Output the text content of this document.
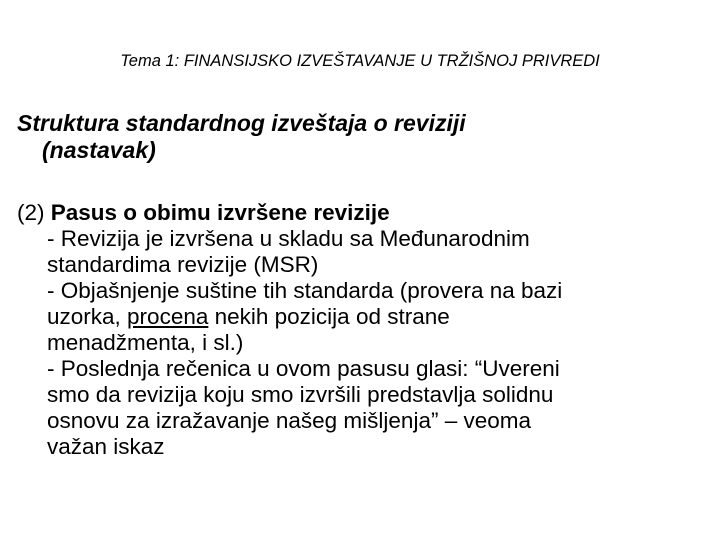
Tema 1: FINANSIJSKO IZVEŠTAVANJE U TRŽIŠNOJ PRIVREDI
Struktura standardnog izveštaja o reviziji
(nastavak)
(2) Pasus o obimu izvršene revizije
- Revizija je izvršena u skladu sa Međunarodnim
standardima revizije (MSR)
- Objašnjenje suštine tih standarda (provera na bazi
uzorka, procena nekih pozicija od strane
menadžmenta, i sl.)
- Poslednja rečenica u ovom pasusu glasi: “Uvereni
smo da revizija koju smo izvršili predstavlja solidnu
osnovu za izražavanje našeg mišljenja” – veoma
važan iskaz
